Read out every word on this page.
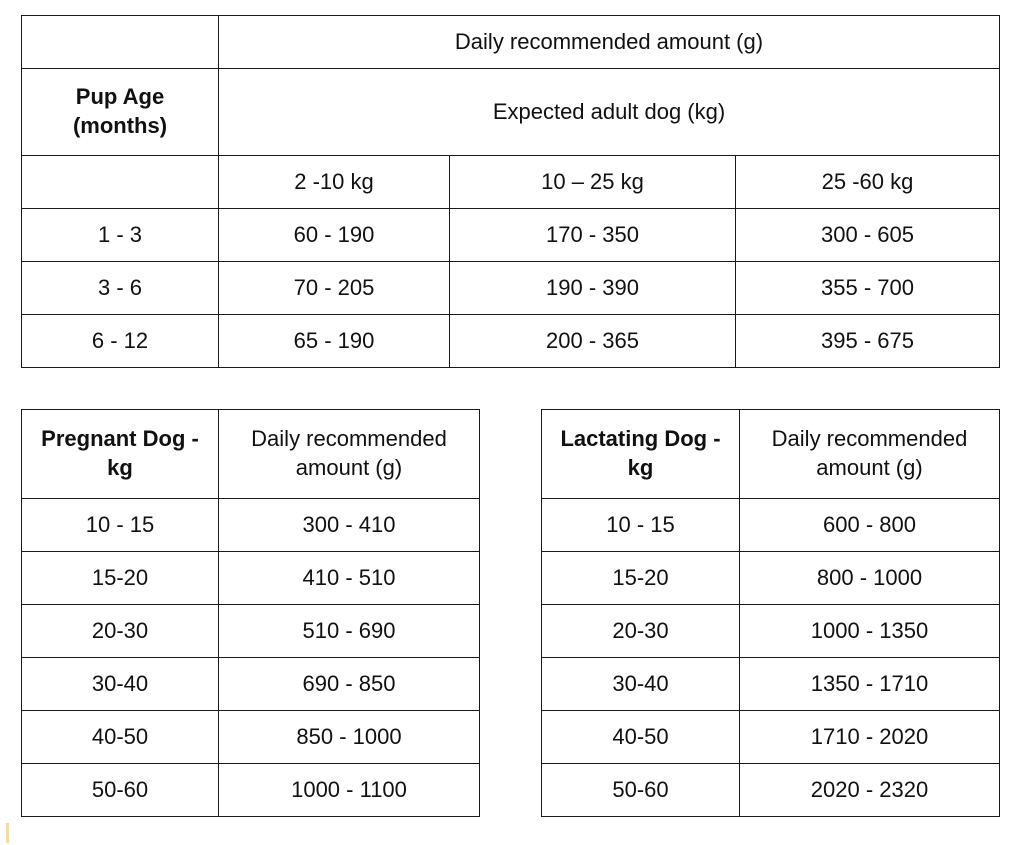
	Daily recommended amount (g)		

Pup Age (months)	Expected adult dog (kg)		
	2 -10 kg	10 – 25 kg	25 -60 kg
1 - 3	60 - 190	170 - 350	300 - 605
3 - 6	70 - 205	190 - 390	355 - 700
6 - 12	65 - 190	200 - 365	395 - 675
Pregnant Dog - kg	Daily recommended amount (g)

10 - 15	300 - 410
15-20	410 - 510
20-30	510 - 690
30-40	690 - 850
40-50	850 - 1000
50-60	1000 - 1100
Lactating Dog - kg	Daily recommended amount (g)

10 - 15	600 - 800
15-20	800 - 1000
20-30	1000 - 1350
30-40	1350 - 1710
40-50	1710 - 2020
50-60	2020 - 2320
